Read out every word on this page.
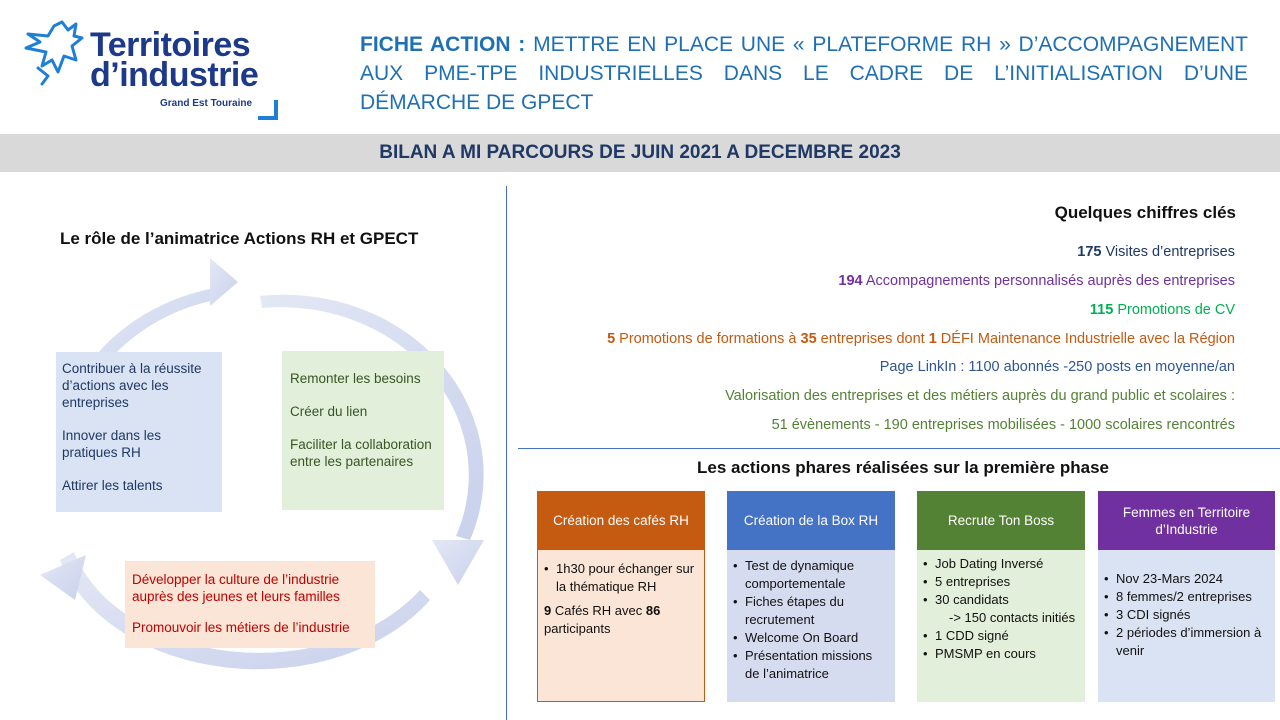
Territoires
d’industrie
Grand Est Touraine
FICHE ACTION : METTRE EN PLACE UNE « PLATEFORME RH » D’ACCOMPAGNEMENT AUX PME-TPE INDUSTRIELLES DANS LE CADRE DE L’INITIALISATION D’UNE DÉMARCHE DE GPECT
BILAN A MI PARCOURS DE JUIN 2021 A DECEMBRE 2023
Le rôle de l’animatrice Actions RH et GPECT

Contribuer à la réussite d’actions avec les entreprises

Innover dans les pratiques RH

Attirer les talents

Remonter les besoins

Créer du lien

Faciliter la collaboration entre les partenaires

Développer la culture de l’industrie auprès des jeunes et leurs familles

Promouvoir les métiers de l’industrie

Quelques chiffres clés
175 Visites d’entreprises
194 Accompagnements personnalisés auprès des entreprises
115 Promotions de CV
5 Promotions de formations à 35 entreprises dont 1 DÉFI Maintenance Industrielle avec la Région
Page LinkIn : 1100 abonnés -250 posts en moyenne/an
Valorisation des entreprises et des métiers auprès du grand public et scolaires :
51 évènements - 190 entreprises mobilisées - 1000 scolaires rencontrés
Les actions phares réalisées sur la première phase
Création des cafés RH
• 1h30 pour échanger sur la thématique RH
9 Cafés RH avec 86 participants
Création de la Box RH
• Test de dynamique comportementale
• Fiches étapes du recrutement
• Welcome On Board
• Présentation missions de l’animatrice
Recrute Ton Boss
• Job Dating Inversé
• 5 entreprises
• 30 candidats
-> 150 contacts initiés
• 1 CDD signé
• PMSMP en cours
Femmes en Territoire d’Industrie
• Nov 23-Mars 2024
• 8 femmes/2 entreprises
• 3 CDI signés
• 2 périodes d’immersion à venir
